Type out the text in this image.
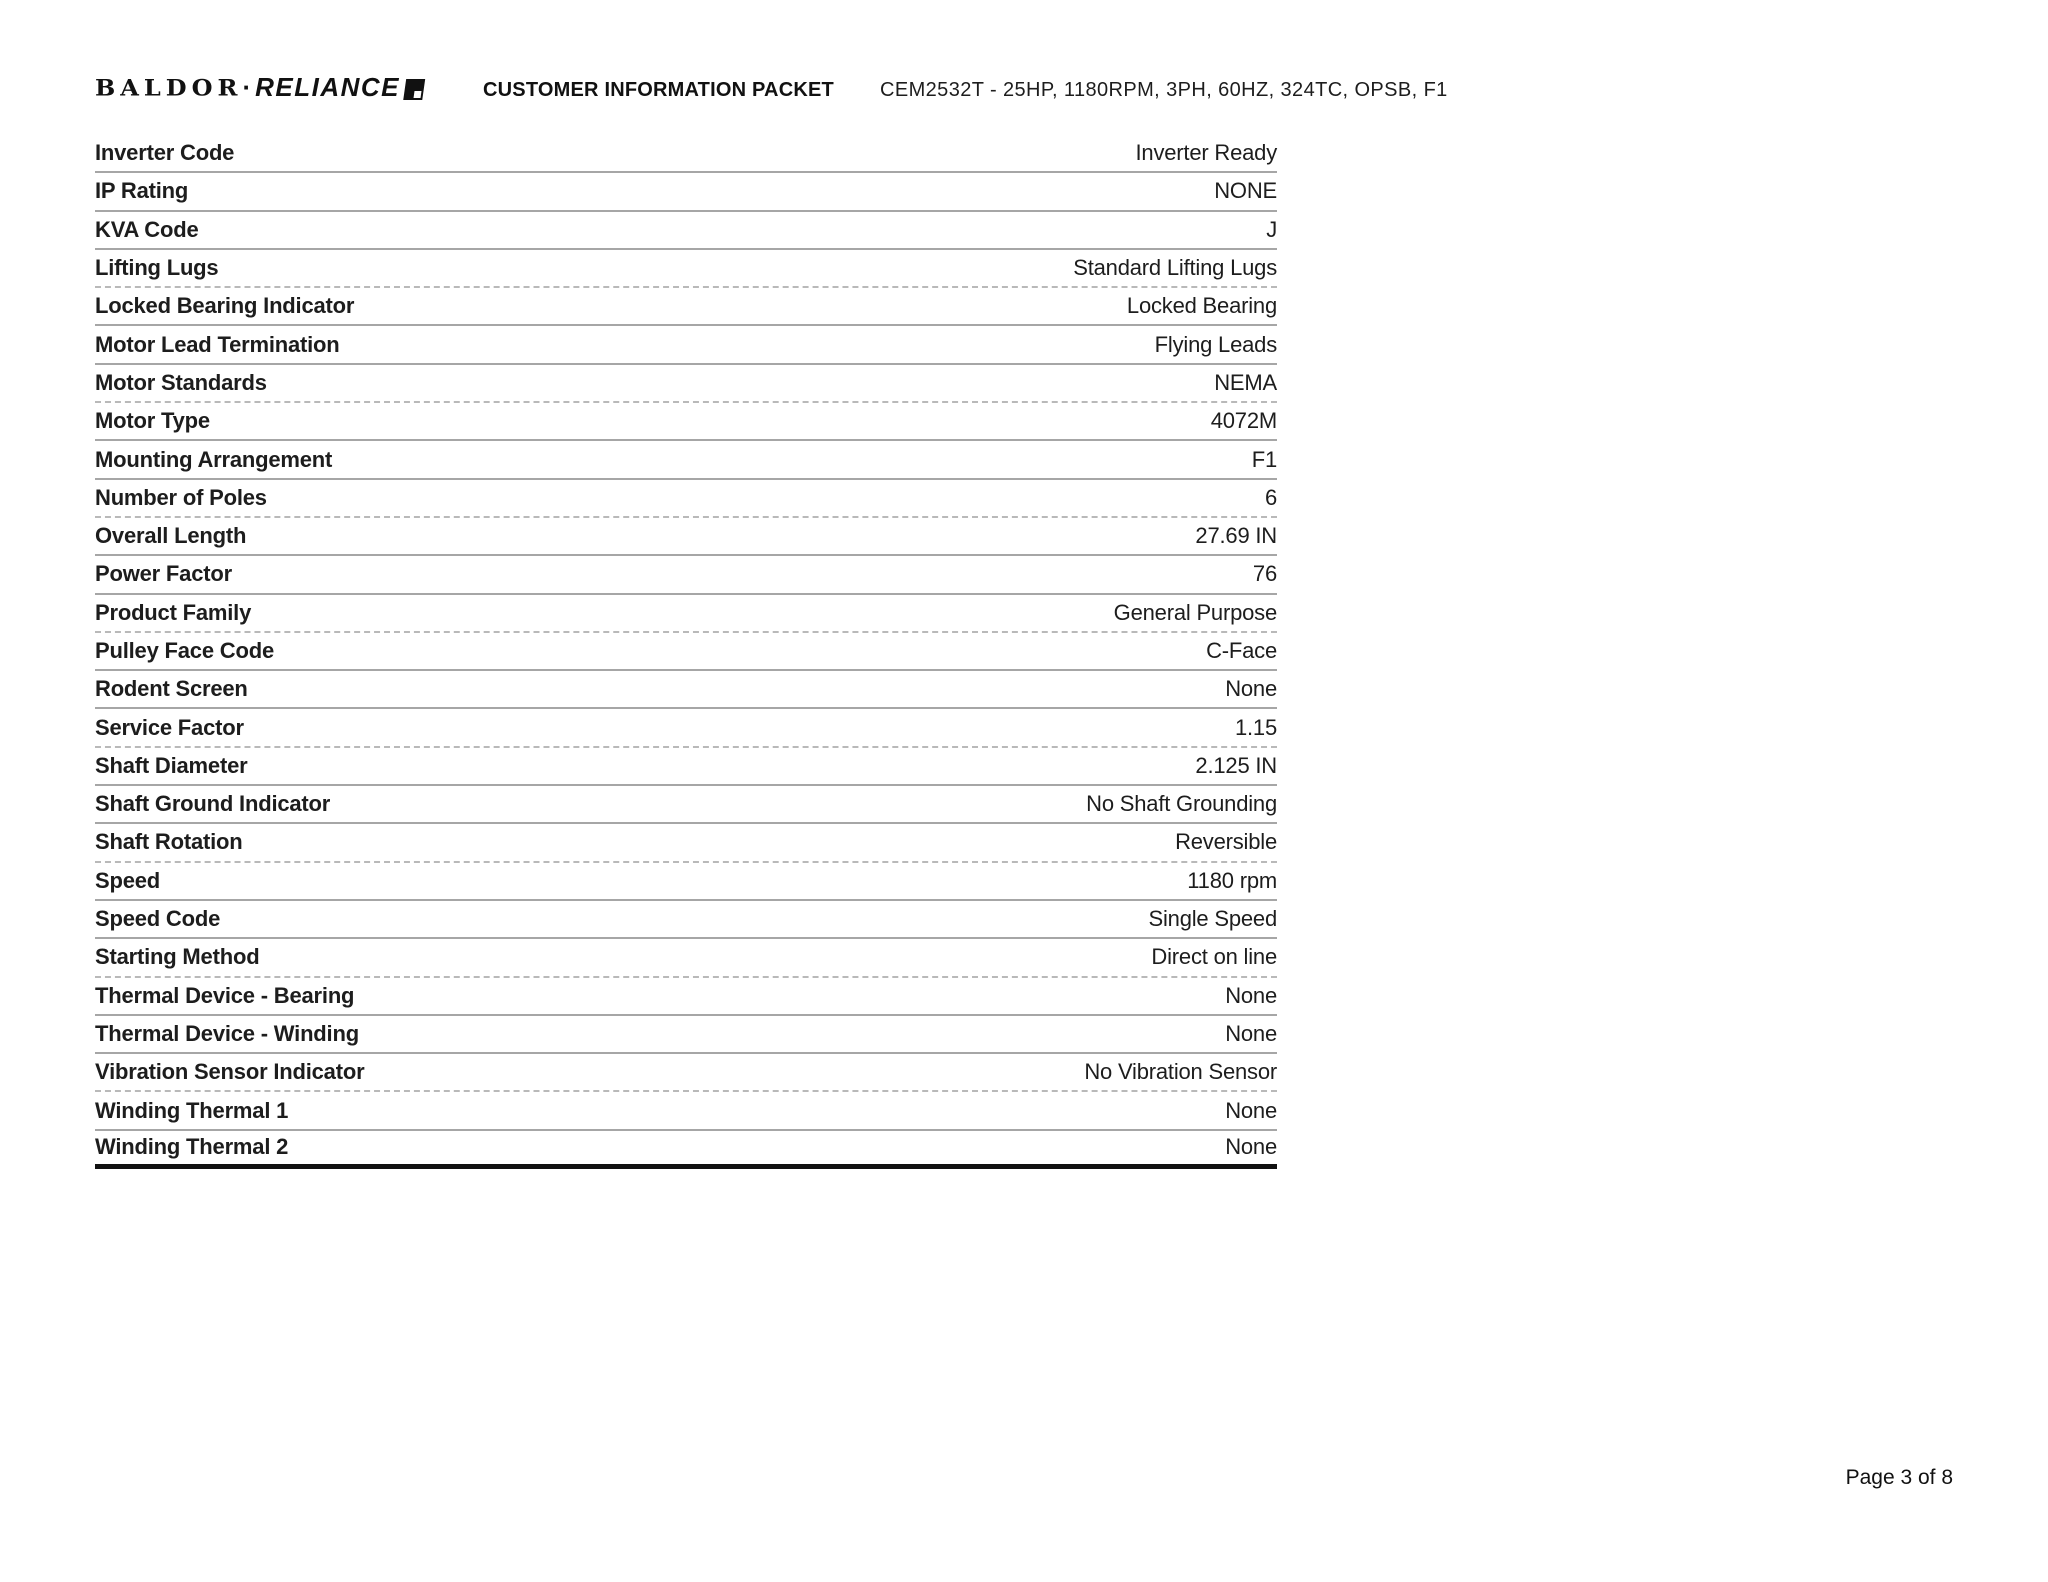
BALDOR · RELIANCE	CUSTOMER INFORMATION PACKET CEM2532T - 25HP, 1180RPM, 3PH, 60HZ, 324TC, OPSB, F1
Inverter Code	Inverter Ready
IP Rating	NONE
KVA Code	J
Lifting Lugs	Standard Lifting Lugs
Locked Bearing Indicator	Locked Bearing
Motor Lead Termination	Flying Leads
Motor Standards	NEMA
Motor Type	4072M
Mounting Arrangement	F1
Number of Poles	6
Overall Length	27.69 IN
Power Factor	76
Product Family	General Purpose
Pulley Face Code	C-Face
Rodent Screen	None
Service Factor	1.15
Shaft Diameter	2.125 IN
Shaft Ground Indicator	No Shaft Grounding
Shaft Rotation	Reversible
Speed	1180 rpm
Speed Code	Single Speed
Starting Method	Direct on line
Thermal Device - Bearing	None
Thermal Device - Winding	None
Vibration Sensor Indicator	No Vibration Sensor
Winding Thermal 1	None
Winding Thermal 2	None
Page 3 of 8
